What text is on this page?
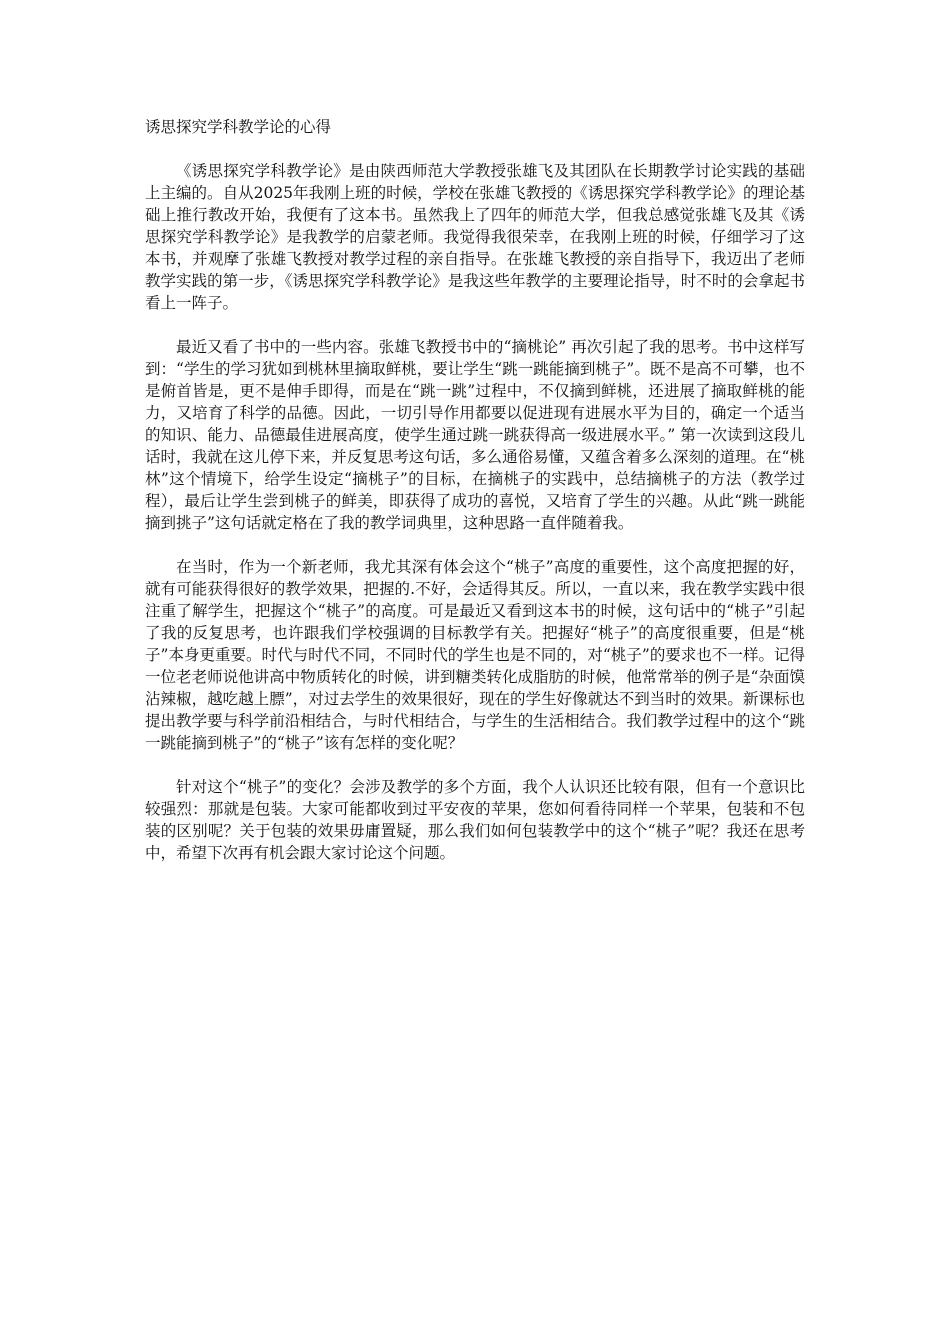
诱思探究学科教学论的心得

《诱思探究学科教学论》是由陕西师范大学教授张雄飞及其团队在长期教学讨论实践的基础上主编的。自从2025年我刚上班的时候，学校在张雄飞教授的《诱思探究学科教学论》的理论基础上推行教改开始，我便有了这本书。虽然我上了四年的师范大学，但我总感觉张雄飞及其《诱思探究学科教学论》是我教学的启蒙老师。我觉得我很荣幸，在我刚上班的时候，仔细学习了这本书，并观摩了张雄飞教授对教学过程的亲自指导。在张雄飞教授的亲自指导下，我迈出了老师教学实践的第一步，《诱思探究学科教学论》是我这些年教学的主要理论指导，时不时的会拿起书看上一阵子。

最近又看了书中的一些内容。张雄飞教授书中的“摘桃论” 再次引起了我的思考。书中这样写到：“学生的学习犹如到桃林里摘取鲜桃，要让学生“跳一跳能摘到桃子”。既不是高不可攀，也不是俯首皆是，更不是伸手即得，而是在“跳一跳”过程中，不仅摘到鲜桃，还进展了摘取鲜桃的能力，又培育了科学的品德。因此，一切引导作用都要以促进现有进展水平为目的，确定一个适当的知识、能力、品德最佳进展高度，使学生通过跳一跳获得高一级进展水平。” 第一次读到这段儿话时，我就在这儿停下来，并反复思考这句话，多么通俗易懂，又蕴含着多么深刻的道理。在“桃林”这个情境下，给学生设定“摘桃子”的目标，在摘桃子的实践中，总结摘桃子的方法（教学过程），最后让学生尝到桃子的鲜美，即获得了成功的喜悦，又培育了学生的兴趣。从此“跳一跳能摘到挑子”这句话就定格在了我的教学词典里，这种思路一直伴随着我。

在当时，作为一个新老师，我尤其深有体会这个“桃子”高度的重要性，这个高度把握的好，就有可能获得很好的教学效果，把握的.不好，会适得其反。所以，一直以来，我在教学实践中很注重了解学生，把握这个“桃子”的高度。可是最近又看到这本书的时候，这句话中的“桃子”引起了我的反复思考，也许跟我们学校强调的目标教学有关。把握好“桃子”的高度很重要，但是“桃子”本身更重要。时代与时代不同，不同时代的学生也是不同的，对“桃子”的要求也不一样。记得一位老老师说他讲高中物质转化的时候，讲到糖类转化成脂肪的时候，他常常举的例子是“杂面馍沾辣椒，越吃越上膘”，对过去学生的效果很好，现在的学生好像就达不到当时的效果。新课标也提出教学要与科学前沿相结合，与时代相结合，与学生的生活相结合。我们教学过程中的这个“跳一跳能摘到桃子”的“桃子”该有怎样的变化呢？

针对这个“桃子”的变化？会涉及教学的多个方面，我个人认识还比较有限，但有一个意识比较强烈：那就是包装。大家可能都收到过平安夜的苹果，您如何看待同样一个苹果，包装和不包装的区别呢？关于包装的效果毋庸置疑，那么我们如何包装教学中的这个“桃子”呢？我还在思考中，希望下次再有机会跟大家讨论这个问题。
